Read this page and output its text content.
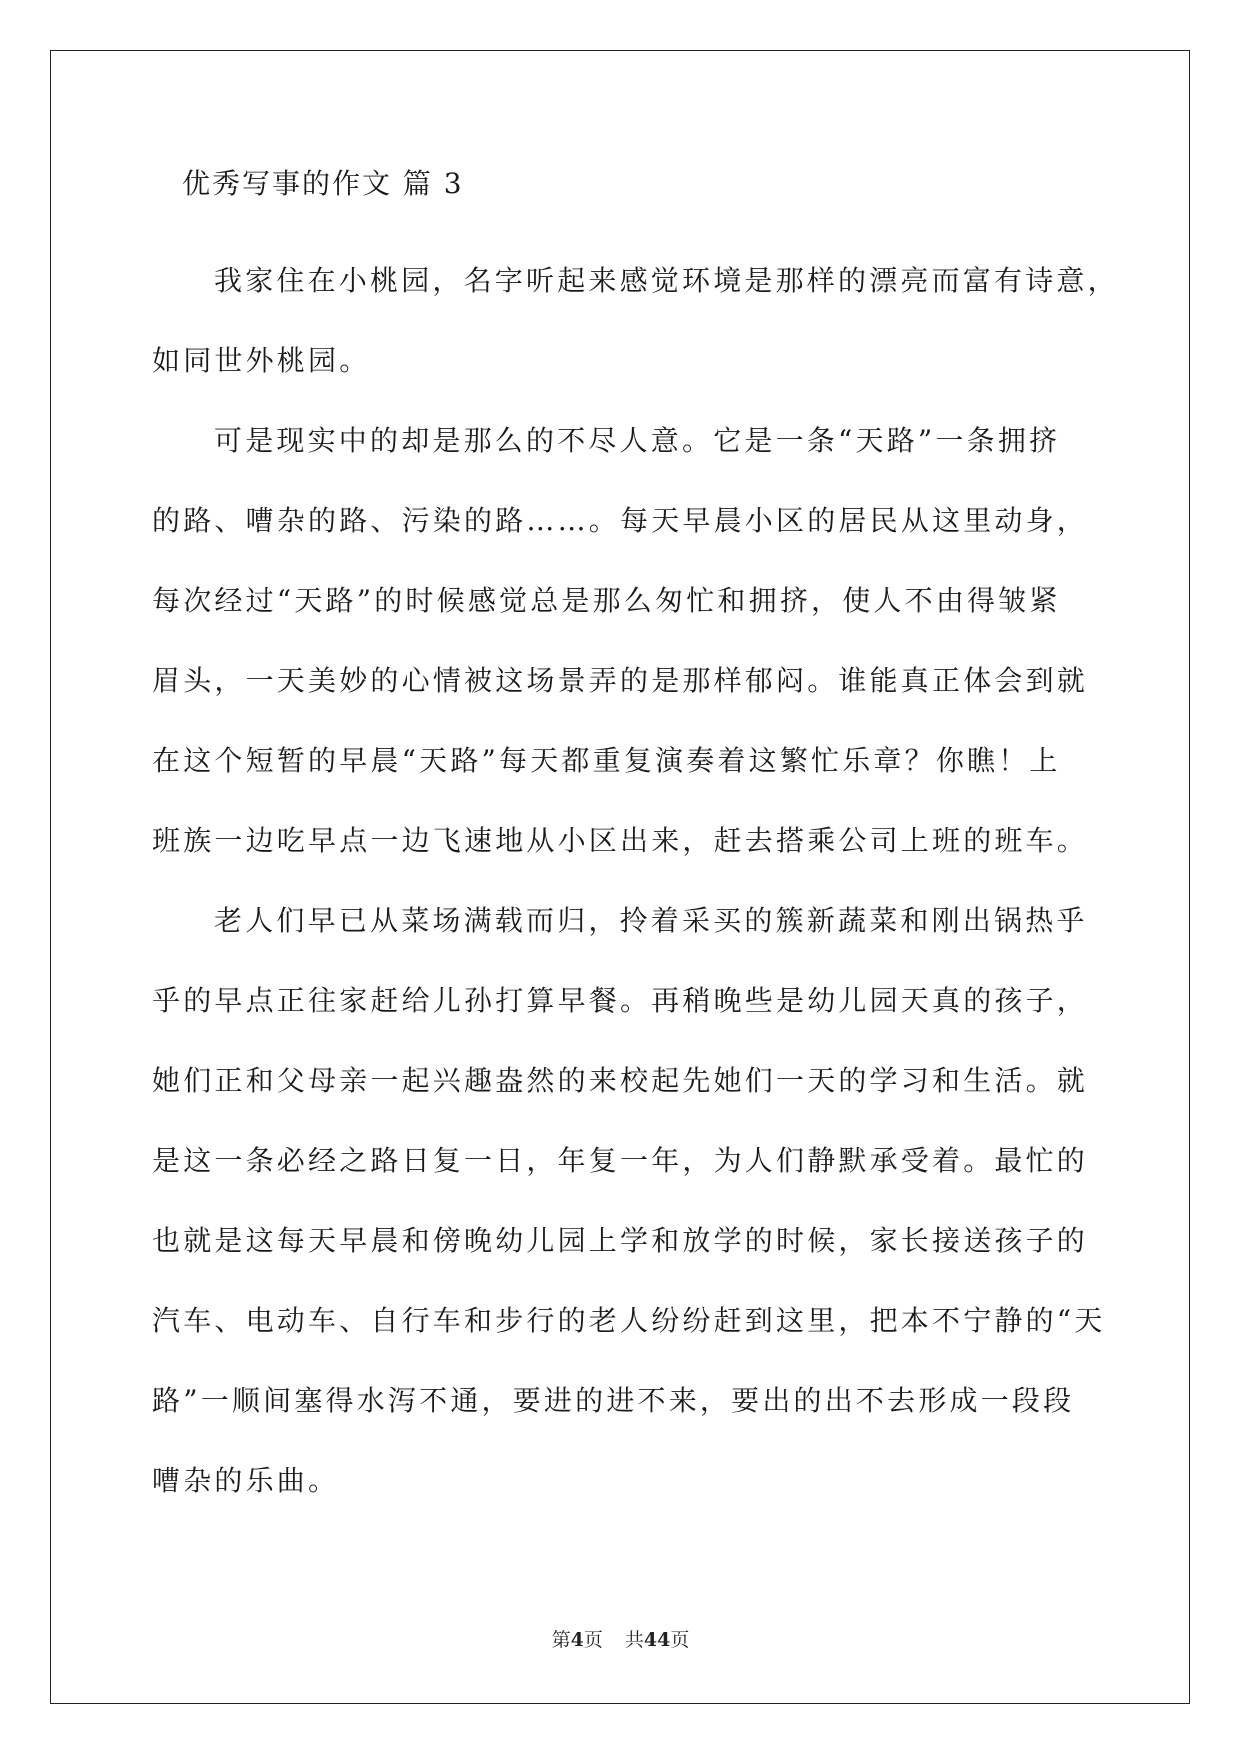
优秀写事的作文 篇 3
我家住在小桃园，名字听起来感觉环境是那样的漂亮而富有诗意，
如同世外桃园。
可是现实中的却是那么的不尽人意。它是一条“天路”一条拥挤
的路、嘈杂的路、污染的路……。每天早晨小区的居民从这里动身，
每次经过“天路”的时候感觉总是那么匆忙和拥挤，使人不由得皱紧
眉头，一天美妙的心情被这场景弄的是那样郁闷。谁能真正体会到就
在这个短暂的早晨“天路”每天都重复演奏着这繁忙乐章？你瞧！上
班族一边吃早点一边飞速地从小区出来，赶去搭乘公司上班的班车。
老人们早已从菜场满载而归，拎着采买的簇新蔬菜和刚出锅热乎
乎的早点正往家赶给儿孙打算早餐。再稍晚些是幼儿园天真的孩子，
她们正和父母亲一起兴趣盎然的来校起先她们一天的学习和生活。就
是这一条必经之路日复一日，年复一年，为人们静默承受着。最忙的
也就是这每天早晨和傍晚幼儿园上学和放学的时候，家长接送孩子的
汽车、电动车、自行车和步行的老人纷纷赶到这里，把本不宁静的“天
路”一顺间塞得水泻不通，要进的进不来，要出的出不去形成一段段
嘈杂的乐曲。
第4页 共44页
